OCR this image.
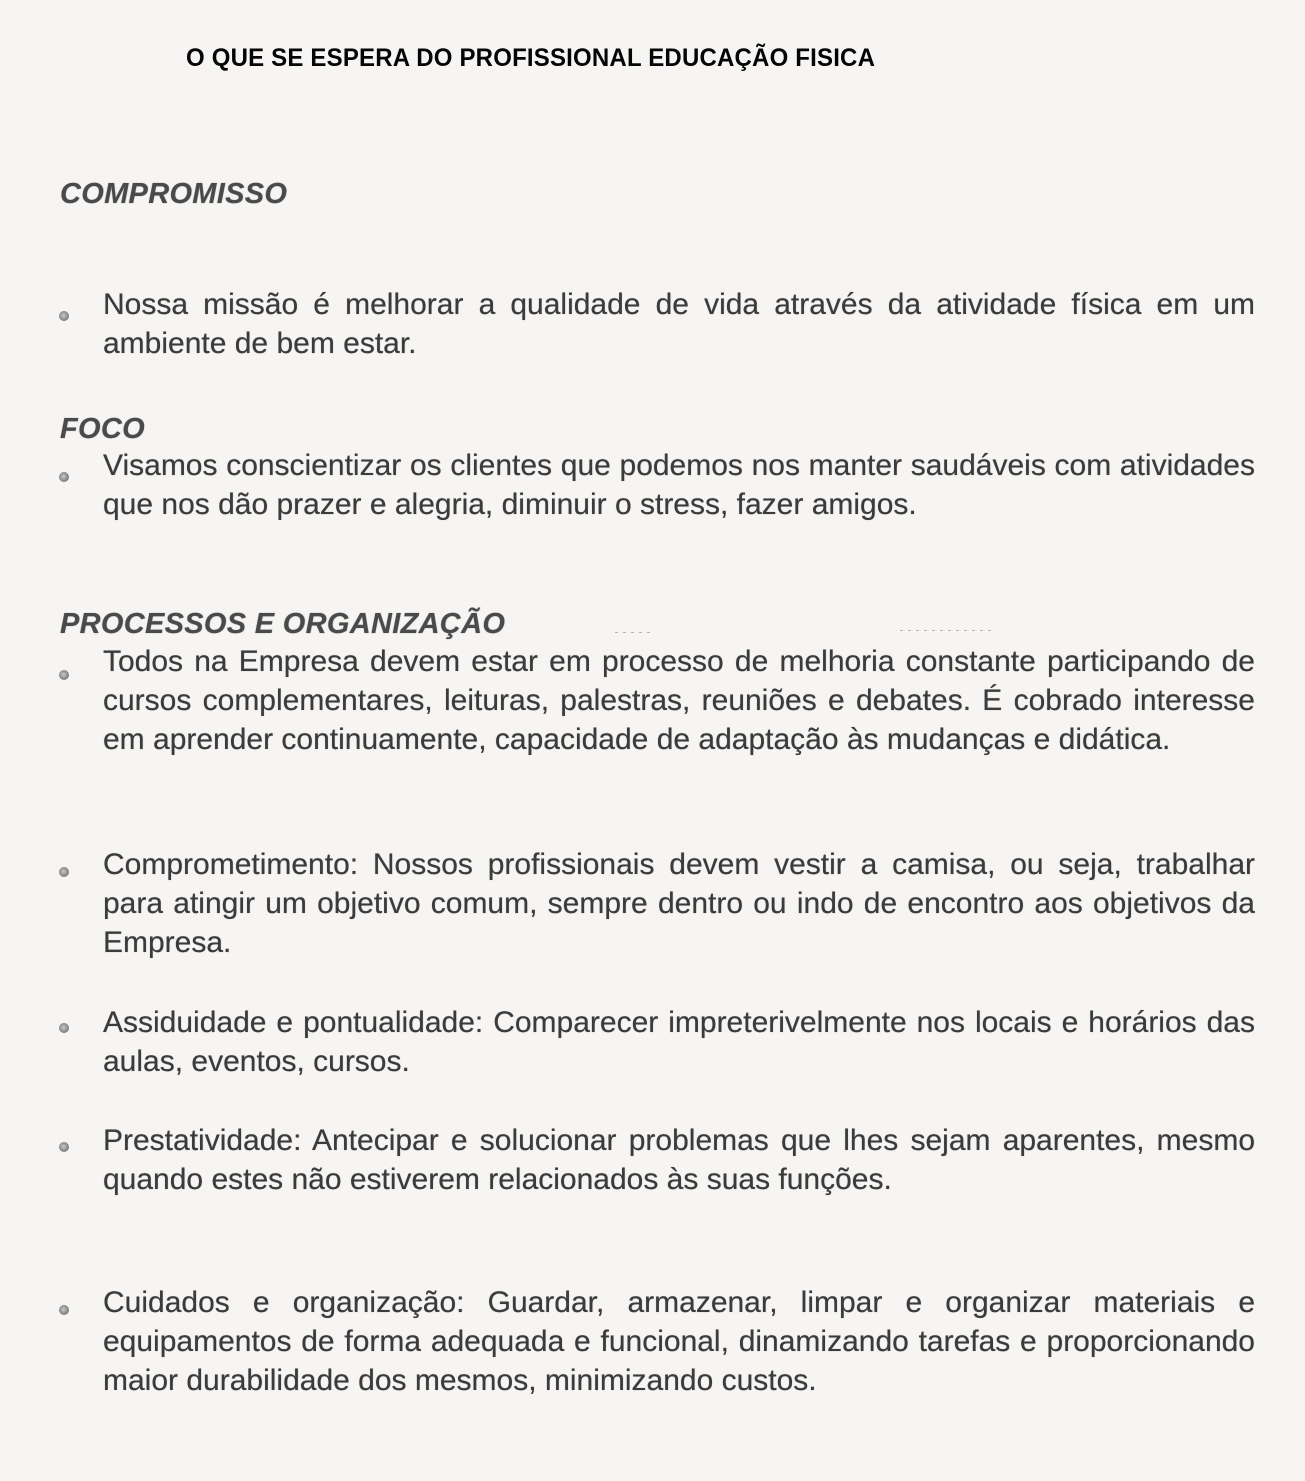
O QUE SE ESPERA DO PROFISSIONAL EDUCAÇÃO FISICA
COMPROMISSO
Nossa missão é melhorar a qualidade de vida através da atividade física em um ambiente de bem estar.
FOCO
Visamos conscientizar os clientes que podemos nos manter saudáveis com atividades que nos dão prazer e alegria, diminuir o stress, fazer amigos.
PROCESSOS E ORGANIZAÇÃO
Todos na Empresa devem estar em processo de melhoria constante participando de cursos complementares, leituras, palestras, reuniões e debates. É cobrado interesse em aprender continuamente, capacidade de adaptação às mudanças e didática.
Comprometimento: Nossos profissionais devem vestir a camisa, ou seja, trabalhar para atingir um objetivo comum, sempre dentro ou indo de encontro aos objetivos da Empresa.
Assiduidade e pontualidade: Comparecer impreterivelmente nos locais e horários das aulas, eventos, cursos.
Prestatividade: Antecipar e solucionar problemas que lhes sejam aparentes, mesmo quando estes não estiverem relacionados às suas funções.
Cuidados e organização: Guardar, armazenar, limpar e organizar materiais e equipamentos de forma adequada e funcional, dinamizando tarefas e proporcionando maior durabilidade dos mesmos, minimizando custos.
